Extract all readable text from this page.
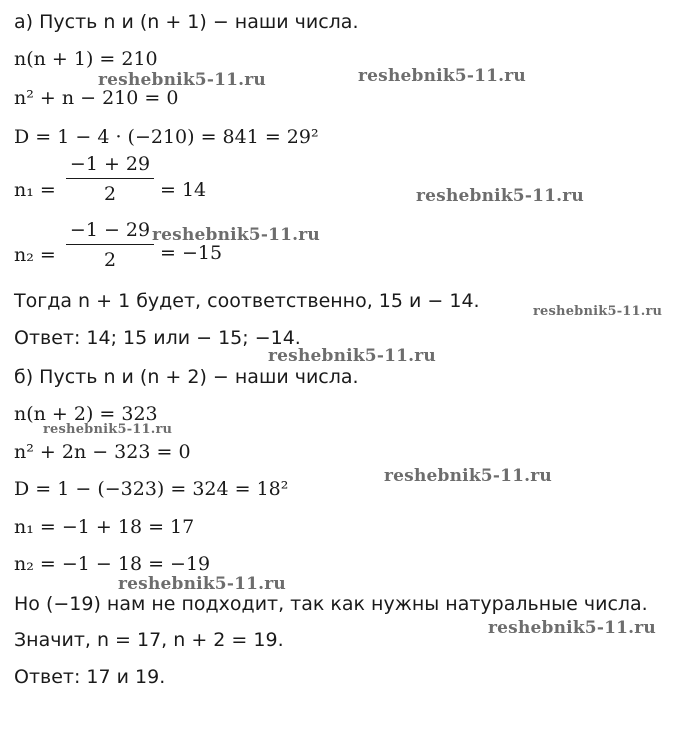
а) Пусть n и (n + 1) − наши числа.
n(n + 1) = 210
n² + n − 210 = 0
D = 1 − 4 · (−210) = 841 = 29²
n₁ =
−1 + 29
2	= 14
n₂ =
−1 − 29
2	= −15
Тогда n + 1 будет, соответственно, 15 и − 14.
Ответ: 14; 15 или − 15; −14.
б) Пусть n и (n + 2) − наши числа.
n(n + 2) = 323
n² + 2n − 323 = 0
D = 1 − (−323) = 324 = 18²
n₁ = −1 + 18 = 17
n₂ = −1 − 18 = −19
Но (−19) нам не подходит, так как нужны натуральные числа.
Значит, n = 17, n + 2 = 19.
Ответ: 17 и 19.
reshebnik5-11.ru	reshebnik5-11.ru
reshebnik5-11.ru
reshebnik5-11.ru
reshebnik5-11.ru
reshebnik5-11.ru
reshebnik5-11.ru
reshebnik5-11.ru
reshebnik5-11.ru
reshebnik5-11.ru
